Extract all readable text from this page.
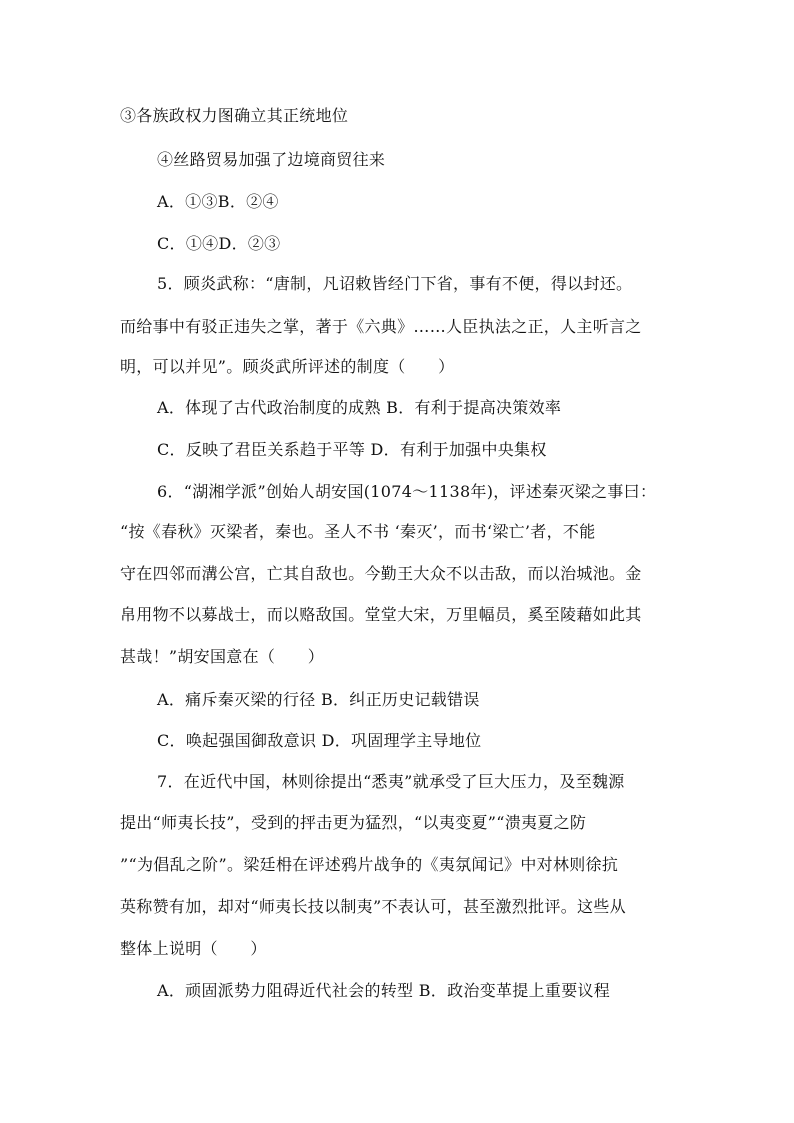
③各族政权力图确立其正统地位
④丝路贸易加强了边境商贸往来
A．①③B．②④
C．①④D．②③
5．顾炎武称：“唐制，凡诏敕皆经门下省，事有不便，得以封还。
而给事中有驳正违失之掌，著于《六典》……人臣执法之正，人主听言之
明，可以并见”。顾炎武所评述的制度（　　）
A．体现了古代政治制度的成熟 B．有利于提高决策效率
C．反映了君臣关系趋于平等 D．有利于加强中央集权
6．“湖湘学派”创始人胡安国(1074～1138年)，评述秦灭梁之事曰：
“按《春秋》灭梁者，秦也。圣人不书 ‘秦灭’，而书‘梁亡’者，不能
守在四邻而溝公宫，亡其自敌也。今勤王大众不以击敌，而以治城池。金
帛用物不以募战士，而以赂敌国。堂堂大宋，万里幅员，奚至陵藉如此其
甚哉！”胡安国意在（　　）
A．痛斥秦灭梁的行径 B．纠正历史记载错误
C．唤起强国御敌意识 D．巩固理学主导地位
7．在近代中国，林则徐提出“悉夷”就承受了巨大压力，及至魏源
提出“师夷长技”，受到的抨击更为猛烈，“以夷变夏”“溃夷夏之防
”“为倡乱之阶”。梁廷枏在评述鸦片战争的《夷氛闻记》中对林则徐抗
英称赞有加，却对“师夷长技以制夷”不表认可，甚至激烈批评。这些从
整体上说明（　　）
A．顽固派势力阻碍近代社会的转型 B．政治变革提上重要议程
